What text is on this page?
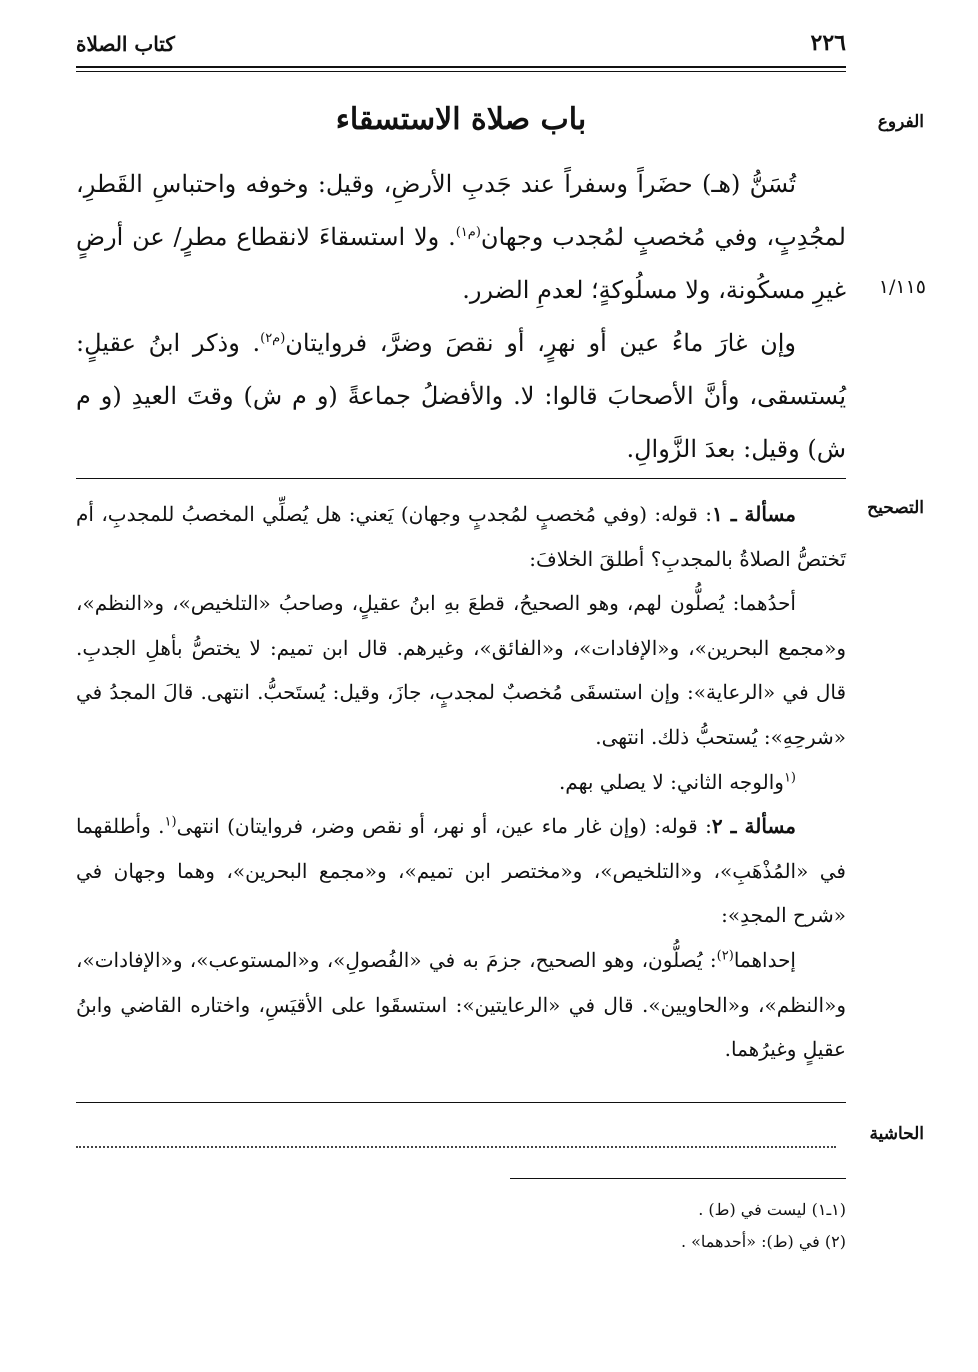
٢٢٦
كتاب الصلاة
الفروع
١/١١٥
التصحيح
الحاشية
باب صلاة الاستسقاء

تُسَنُّ (هـ) حضَراً وسفراً عند جَدبِ الأرضِ، وقيل: وخوفه واحتباسِ القَطرِ، لمجُدِبٍ، وفي مُخصبٍ لمُجدب وجهان$^{(م١)}$. ولا استسقاءَ لانقطاع مطرٍ/ عن أرضٍ غيرِ مسكُونة، ولا مسلُوكةٍ؛ لعدمِ الضرر.

وإن غارَ ماءُ عين أو نهرٍ، أو نقصَ وضرَّ، فروايتان$^{(م٢)}$. وذكر ابنُ عقيلٍ: يُستسقى، وأنَّ الأصحابَ قالوا: لا. والأفضلُ جماعةً (و م ش) وقتَ العيدِ (و م ش) وقيل: بعدَ الزَّوالِ.

مسألة ـ ١: قوله: (وفي مُخصبٍ لمُجدبٍ وجهان) يَعني: هل يُصلِّي المخصبُ للمجدبِ، أم تَختصُّ الصلاةُ بالمجدبِ؟ أطلقَ الخلافَ:

أحدُهما: يُصلُّون لهم، وهو الصحيحُ، قطعَ بهِ ابنُ عقيلٍ، وصاحبُ «التلخيص»، و«النظم»، و«مجمع البحرين»، و«الإفادات»، و«الفائق»، وغيرهم. قال ابن تميم: لا يختصُّ بأهلِ الجدبِ. قال في «الرعاية»: وإن استسقَى مُخصبٌ لمجدبٍ، جازَ، وقيل: يُستَحبُّ. انتهى. قالَ المجدُ في «شرحِهِ»: يُستحبُّ ذلك. انتهى.

$^{(١}$والوجه الثاني: لا يصلي بهم.

مسألة ـ ٢: قوله: (وإن غار ماء عين، أو نهر، أو نقص وضر، فروايتان) انتهى$^{(١}$. وأطلقهما في «المُذْهَبِ»، و«التلخيص»، و«مختصر ابن تميم»، و«مجمع البحرين»، وهما وجهان في «شرح المجدِ»:

إحداهما$^{(٢)}$: يُصلُّون، وهو الصحيح، جزمَ به في «الفُصولِ»، و«المستوعب»، و«الإفادات»، و«النظم»، و«الحاويين». قال في «الرعايتين»: استسقَوا على الأقيَسِ، واختاره القاضي وابنُ عقيلٍ وغيرُهما.

(١ـ١) ليست في (ط) .

(٢) في (ط): «أحدهما» .
